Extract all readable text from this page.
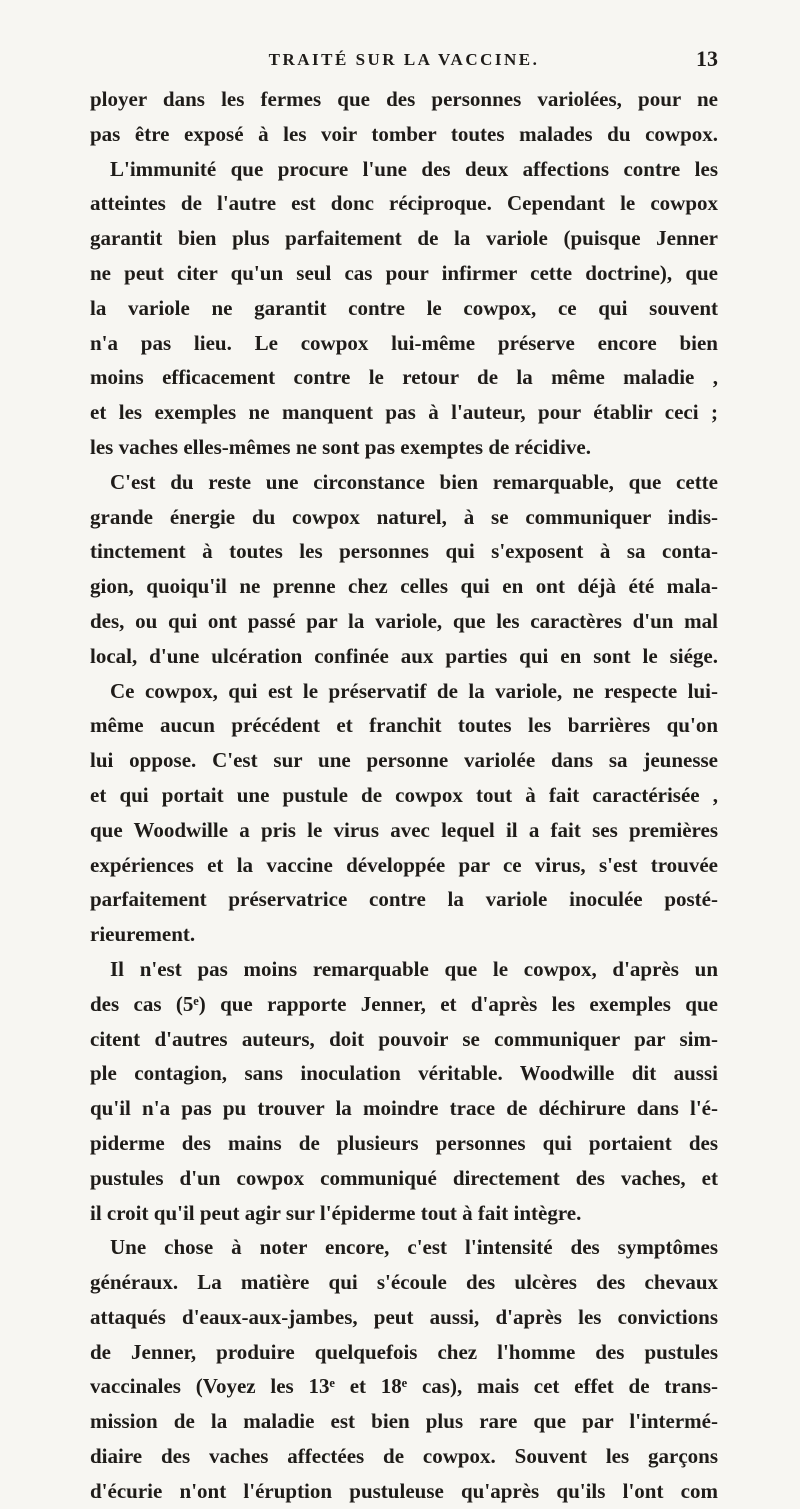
TRAITÉ SUR LA VACCINE.	13
ployer dans les fermes que des personnes variolées, pour ne
pas être exposé à les voir tomber toutes malades du cowpox.
L'immunité que procure l'une des deux affections contre les
atteintes de l'autre est donc réciproque. Cependant le cowpox
garantit bien plus parfaitement de la variole (puisque Jenner
ne peut citer qu'un seul cas pour infirmer cette doctrine), que
la variole ne garantit contre le cowpox, ce qui souvent
n'a pas lieu. Le cowpox lui-même préserve encore bien
moins efficacement contre le retour de la même maladie ,
et les exemples ne manquent pas à l'auteur, pour établir ceci ;
les vaches elles-mêmes ne sont pas exemptes de récidive.
C'est du reste une circonstance bien remarquable, que cette
grande énergie du cowpox naturel, à se communiquer indis-
tinctement à toutes les personnes qui s'exposent à sa conta-
gion, quoiqu'il ne prenne chez celles qui en ont déjà été mala-
des, ou qui ont passé par la variole, que les caractères d'un mal
local, d'une ulcération confinée aux parties qui en sont le siége.
Ce cowpox, qui est le préservatif de la variole, ne respecte lui-
même aucun précédent et franchit toutes les barrières qu'on
lui oppose. C'est sur une personne variolée dans sa jeunesse
et qui portait une pustule de cowpox tout à fait caractérisée ,
que Woodwille a pris le virus avec lequel il a fait ses premières
expériences et la vaccine développée par ce virus, s'est trouvée
parfaitement préservatrice contre la variole inoculée posté-
rieurement.
Il n'est pas moins remarquable que le cowpox, d'après un
des cas (5ᵉ) que rapporte Jenner, et d'après les exemples que
citent d'autres auteurs, doit pouvoir se communiquer par sim-
ple contagion, sans inoculation véritable. Woodwille dit aussi
qu'il n'a pas pu trouver la moindre trace de déchirure dans l'é-
piderme des mains de plusieurs personnes qui portaient des
pustules d'un cowpox communiqué directement des vaches, et
il croit qu'il peut agir sur l'épiderme tout à fait intègre.
Une chose à noter encore, c'est l'intensité des symptômes
généraux. La matière qui s'écoule des ulcères des chevaux
attaqués d'eaux-aux-jambes, peut aussi, d'après les convictions
de Jenner, produire quelquefois chez l'homme des pustules
vaccinales (Voyez les 13ᵉ et 18ᵉ cas), mais cet effet de trans-
mission de la maladie est bien plus rare que par l'intermé-
diaire des vaches affectées de cowpox. Souvent les garçons
d'écurie n'ont l'éruption pustuleuse qu'après qu'ils l'ont com
